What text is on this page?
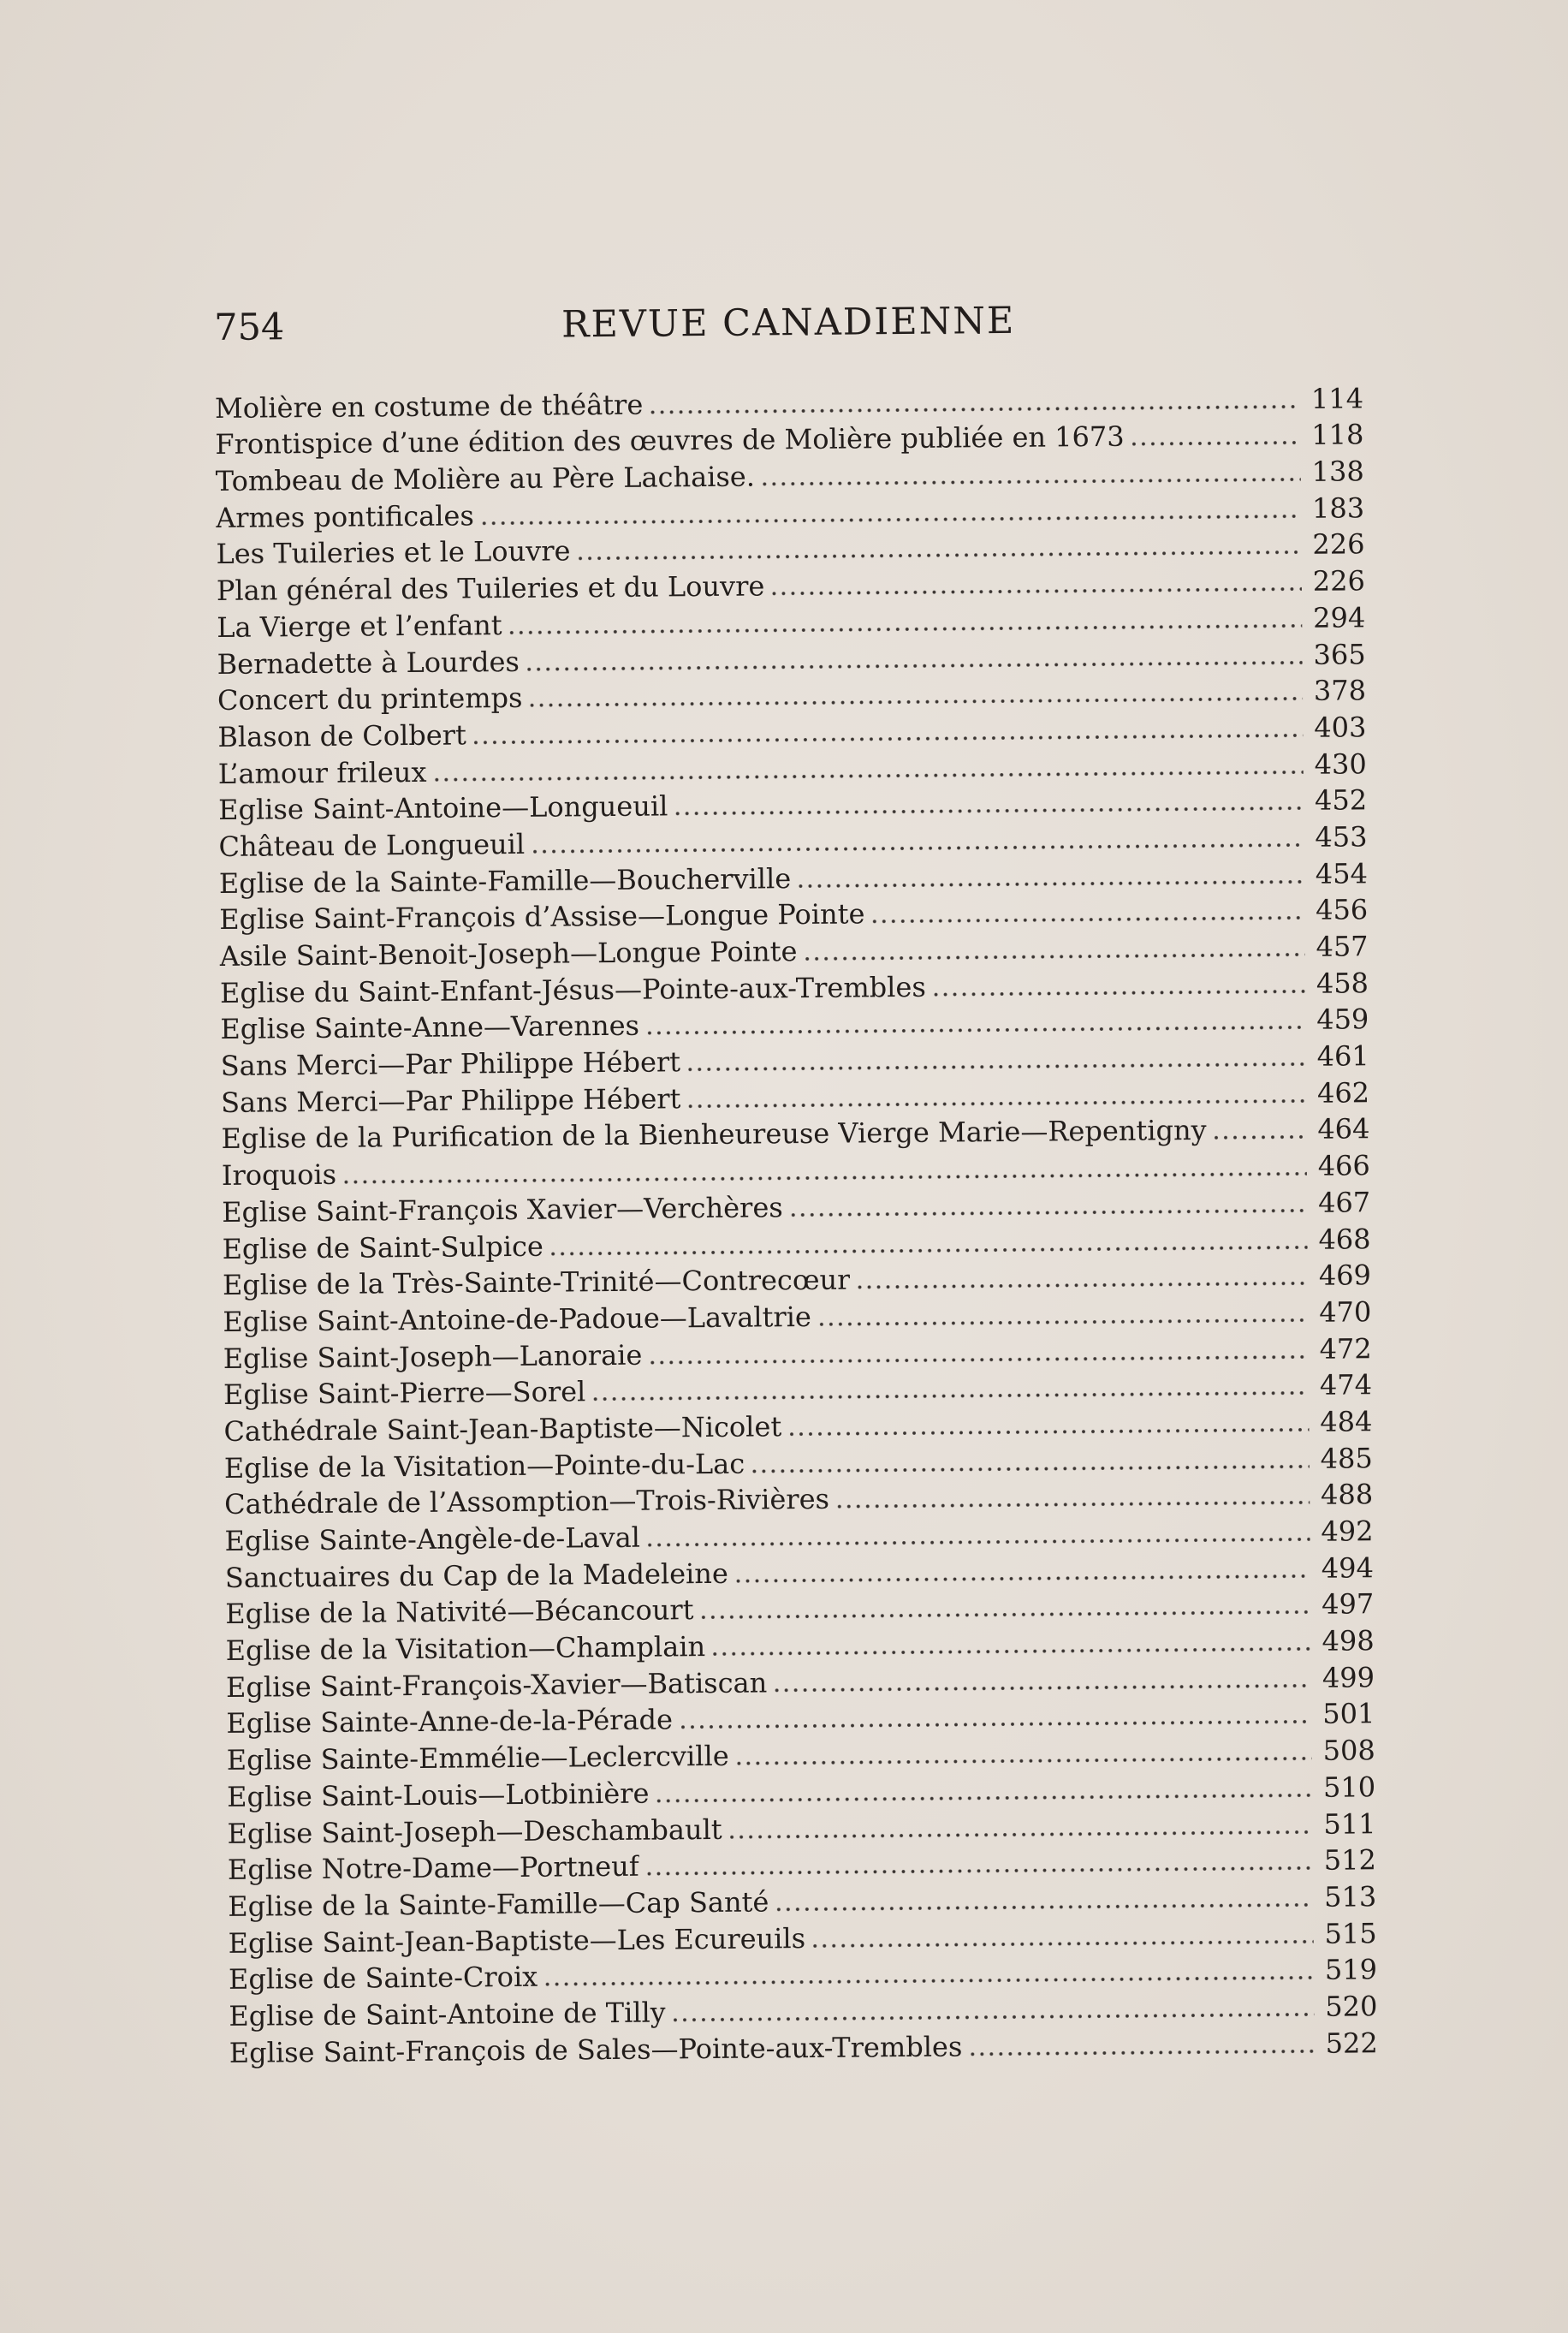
754	REVUE CANADIENNE
Molière en costume de théâtre	114
Frontispice d’une édition des œuvres de Molière publiée en 1673	118
Tombeau de Molière au Père Lachaise.	138
Armes pontificales	183
Les Tuileries et le Louvre	226
Plan général des Tuileries et du Louvre	226
La Vierge et l’enfant	294
Bernadette à Lourdes	365
Concert du printemps	378
Blason de Colbert	403
L’amour frileux	430
Eglise Saint-Antoine—Longueuil	452
Château de Longueuil	453
Eglise de la Sainte-Famille—Boucherville	454
Eglise Saint-François d’Assise—Longue Pointe	456
Asile Saint-Benoit-Joseph—Longue Pointe	457
Eglise du Saint-Enfant-Jésus—Pointe-aux-Trembles	458
Eglise Sainte-Anne—Varennes	459
Sans Merci—Par Philippe Hébert	461
Sans Merci—Par Philippe Hébert	462
Eglise de la Purification de la Bienheureuse Vierge Marie—Repentigny	464
Iroquois	466
Eglise Saint-François Xavier—Verchères	467
Eglise de Saint-Sulpice	468
Eglise de la Très-Sainte-Trinité—Contrecœur	469
Eglise Saint-Antoine-de-Padoue—Lavaltrie	470
Eglise Saint-Joseph—Lanoraie	472
Eglise Saint-Pierre—Sorel	474
Cathédrale Saint-Jean-Baptiste—Nicolet	484
Eglise de la Visitation—Pointe-du-Lac	485
Cathédrale de l’Assomption—Trois-Rivières	488
Eglise Sainte-Angèle-de-Laval	492
Sanctuaires du Cap de la Madeleine	494
Eglise de la Nativité—Bécancourt	497
Eglise de la Visitation—Champlain	498
Eglise Saint-François-Xavier—Batiscan	499
Eglise Sainte-Anne-de-la-Pérade	501
Eglise Sainte-Emmélie—Leclercville	508
Eglise Saint-Louis—Lotbinière	510
Eglise Saint-Joseph—Deschambault	511
Eglise Notre-Dame—Portneuf	512
Eglise de la Sainte-Famille—Cap Santé	513
Eglise Saint-Jean-Baptiste—Les Ecureuils	515
Eglise de Sainte-Croix	519
Eglise de Saint-Antoine de Tilly	520
Eglise Saint-François de Sales—Pointe-aux-Trembles	522
